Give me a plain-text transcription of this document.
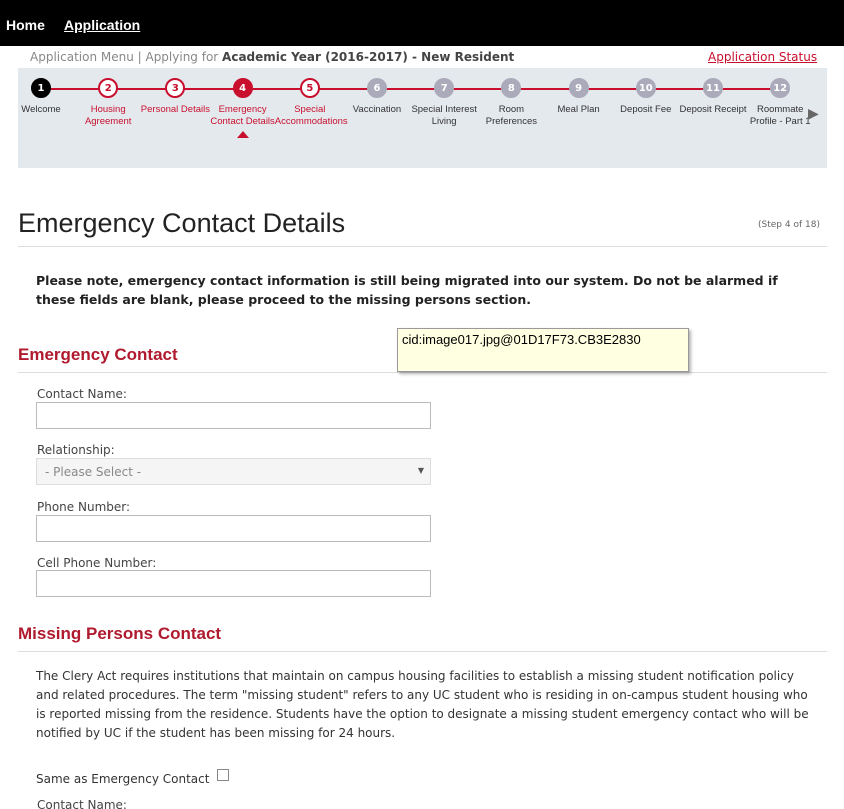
Home Application
Application Menu | Applying for Academic Year (2016-2017) - New Resident	Application Status
1
Welcome
2
Housing Agreement
3
Personal Details
4
Emergency Contact Details
5
Special Accommodations
6
Vaccination
7
Special Interest Living
8
Room Preferences
9
Meal Plan
10
Deposit Fee
11
Deposit Receipt
12
Roommate Profile - Part 1
▶
Emergency Contact Details	(Step 4 of 18)
Please note, emergency contact information is still being migrated into our system. Do not be alarmed if these fields are blank, please proceed to the missing persons section.
Emergency Contact
cid:image017.jpg@01D17F73.CB3E2830
Contact Name:
Relationship:
- Please Select -	▼
Phone Number:
Cell Phone Number:
Missing Persons Contact
The Clery Act requires institutions that maintain on campus housing facilities to establish a missing student notification policy and related procedures. The term "missing student" refers to any UC student who is residing in on-campus student housing who is reported missing from the residence. Students have the option to designate a missing student emergency contact who will be notified by UC if the student has been missing for 24 hours.
Same as Emergency Contact
Contact Name:
